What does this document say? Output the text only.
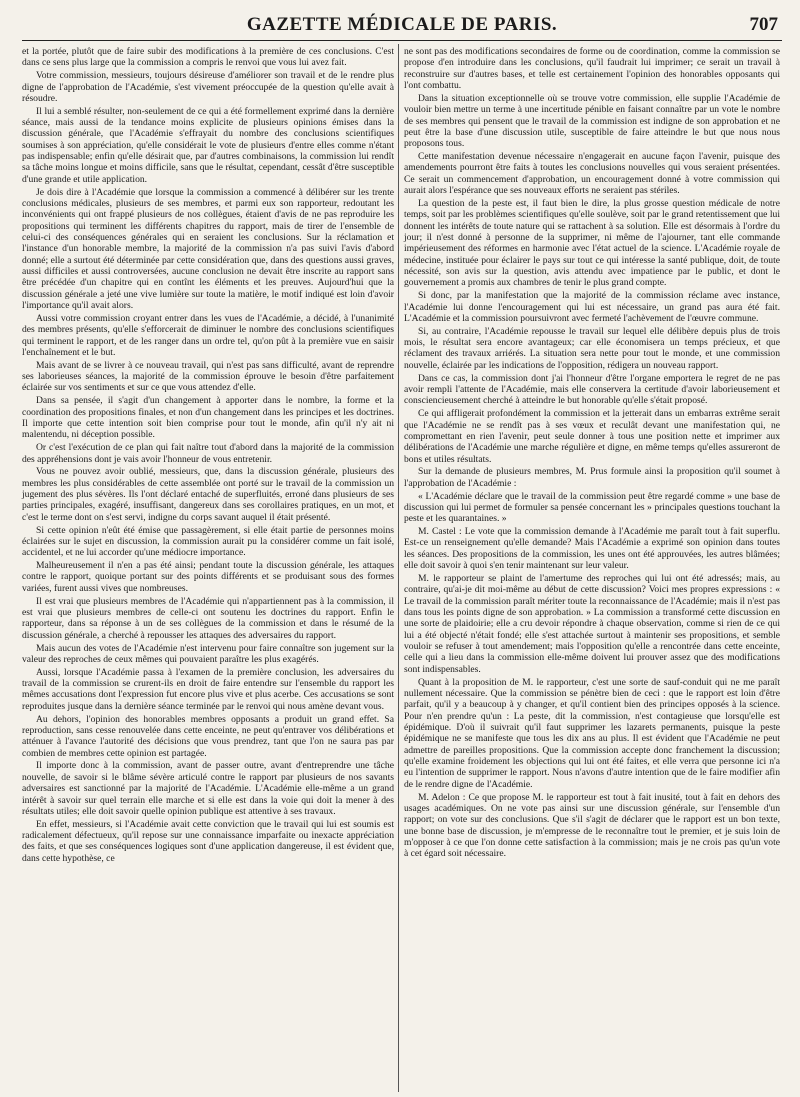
GAZETTE MÉDICALE DE PARIS.	707

et la portée, plutôt que de faire subir des modifications à la première de ces conclusions. C'est dans ce sens plus large que la commission a compris le renvoi que vous lui avez fait.

Votre commission, messieurs, toujours désireuse d'améliorer son travail et de le rendre plus digne de l'approbation de l'Académie, s'est vivement préoccupée de la question qu'elle avait à résoudre.

Il lui a semblé résulter, non-seulement de ce qui a été formellement exprimé dans la dernière séance, mais aussi de la tendance moins explicite de plusieurs opinions émises dans la discussion générale, que l'Académie s'effrayait du nombre des conclusions scientifiques soumises à son appréciation, qu'elle considérait le vote de plusieurs d'entre elles comme n'étant pas indispensable; enfin qu'elle désirait que, par d'autres combinaisons, la commission lui rendît sa tâche moins longue et moins difficile, sans que le résultat, cependant, cessât d'être susceptible d'une grande et utile application.

Je dois dire à l'Académie que lorsque la commission a commencé à délibérer sur les trente conclusions médicales, plusieurs de ses membres, et parmi eux son rapporteur, redoutant les inconvénients qui ont frappé plusieurs de nos collègues, étaient d'avis de ne pas reproduire les propositions qui terminent les différents chapitres du rapport, mais de tirer de l'ensemble de celui-ci des conséquences générales qui en seraient les conclusions. Sur la réclamation et l'instance d'un honorable membre, la majorité de la commission n'a pas suivi l'avis d'abord donné; elle a surtout été déterminée par cette considération que, dans des questions aussi graves, aussi difficiles et aussi controversées, aucune conclusion ne devait être inscrite au rapport sans être précédée d'un chapitre qui en contînt les éléments et les preuves. Aujourd'hui que la discussion générale a jeté une vive lumière sur toute la matière, le motif indiqué est loin d'avoir l'importance qu'il avait alors.

Aussi votre commission croyant entrer dans les vues de l'Académie, a décidé, à l'unanimité des membres présents, qu'elle s'efforcerait de diminuer le nombre des conclusions scientifiques qui terminent le rapport, et de les ranger dans un ordre tel, qu'on pût à la première vue en saisir l'enchaînement et le but.

Mais avant de se livrer à ce nouveau travail, qui n'est pas sans difficulté, avant de reprendre ses laborieuses séances, la majorité de la commission éprouve le besoin d'être parfaitement éclairée sur vos sentiments et sur ce que vous attendez d'elle.

Dans sa pensée, il s'agit d'un changement à apporter dans le nombre, la forme et la coordination des propositions finales, et non d'un changement dans les principes et les doctrines. Il importe que cette intention soit bien comprise pour tout le monde, afin qu'il n'y ait ni malentendu, ni déception possible.

Or c'est l'exécution de ce plan qui fait naître tout d'abord dans la majorité de la commission des appréhensions dont je vais avoir l'honneur de vous entretenir.

Vous ne pouvez avoir oublié, messieurs, que, dans la discussion générale, plusieurs des membres les plus considérables de cette assemblée ont porté sur le travail de la commission un jugement des plus sévères. Ils l'ont déclaré entaché de superfluités, erroné dans plusieurs de ses parties principales, exagéré, insuffisant, dangereux dans ses corollaires pratiques, en un mot, et c'est le terme dont on s'est servi, indigne du corps savant auquel il était présenté.

Si cette opinion n'eût été émise que passagèrement, si elle était partie de personnes moins éclairées sur le sujet en discussion, la commission aurait pu la considérer comme un fait isolé, accidentel, et ne lui accorder qu'une médiocre importance.

Malheureusement il n'en a pas été ainsi; pendant toute la discussion générale, les attaques contre le rapport, quoique portant sur des points différents et se produisant sous des formes variées, furent aussi vives que nombreuses.

Il est vrai que plusieurs membres de l'Académie qui n'appartiennent pas à la commission, il est vrai que plusieurs membres de celle-ci ont soutenu les doctrines du rapport. Enfin le rapporteur, dans sa réponse à un de ses collègues de la commission et dans le résumé de la discussion générale, a cherché à repousser les attaques des adversaires du rapport.

Mais aucun des votes de l'Académie n'est intervenu pour faire connaître son jugement sur la valeur des reproches de ceux mêmes qui pouvaient paraître les plus exagérés.

Aussi, lorsque l'Académie passa à l'examen de la première conclusion, les adversaires du travail de la commission se crurent-ils en droit de faire entendre sur l'ensemble du rapport les mêmes accusations dont l'expression fut encore plus vive et plus acerbe. Ces accusations se sont reproduites jusque dans la dernière séance terminée par le renvoi qui nous amène devant vous.

Au dehors, l'opinion des honorables membres opposants a produit un grand effet. Sa reproduction, sans cesse renouvelée dans cette enceinte, ne peut qu'entraver vos délibérations et atténuer à l'avance l'autorité des décisions que vous prendrez, tant que l'on ne saura pas par combien de membres cette opinion est partagée.

Il importe donc à la commission, avant de passer outre, avant d'entreprendre une tâche nouvelle, de savoir si le blâme sévère articulé contre le rapport par plusieurs de nos savants adversaires est sanctionné par la majorité de l'Académie. L'Académie elle-même a un grand intérêt à savoir sur quel terrain elle marche et si elle est dans la voie qui doit la mener à des résultats utiles; elle doit savoir quelle opinion publique est attentive à ses travaux.

En effet, messieurs, si l'Académie avait cette conviction que le travail qui lui est soumis est radicalement défectueux, qu'il repose sur une connaissance imparfaite ou inexacte appréciation des faits, et que ses conséquences logiques sont d'une application dangereuse, il est évident que, dans cette hypothèse, ce

ne sont pas des modifications secondaires de forme ou de coordination, comme la commission se propose d'en introduire dans les conclusions, qu'il faudrait lui imprimer; ce serait un travail à reconstruire sur d'autres bases, et telle est certainement l'opinion des honorables opposants qui l'ont combattu.

Dans la situation exceptionnelle où se trouve votre commission, elle supplie l'Académie de vouloir bien mettre un terme à une incertitude pénible en faisant connaître par un vote le nombre de ses membres qui pensent que le travail de la commission est indigne de son approbation et ne peut être la base d'une discussion utile, susceptible de faire atteindre le but que nous nous proposons tous.

Cette manifestation devenue nécessaire n'engagerait en aucune façon l'avenir, puisque des amendements pourront être faits à toutes les conclusions nouvelles qui vous seraient présentées. Ce serait un commencement d'approbation, un encouragement donné à votre commission qui aurait alors l'espérance que ses nouveaux efforts ne seraient pas stériles.

La question de la peste est, il faut bien le dire, la plus grosse question médicale de notre temps, soit par les problèmes scientifiques qu'elle soulève, soit par le grand retentissement que lui donnent les intérêts de toute nature qui se rattachent à sa solution. Elle est désormais à l'ordre du jour; il n'est donné à personne de la supprimer, ni même de l'ajourner, tant elle commande impérieusement des réformes en harmonie avec l'état actuel de la science. L'Académie royale de médecine, instituée pour éclairer le pays sur tout ce qui intéresse la santé publique, doit, de toute nécessité, son avis sur la question, avis attendu avec impatience par le public, et dont le gouvernement a promis aux chambres de tenir le plus grand compte.

Si donc, par la manifestation que la majorité de la commission réclame avec instance, l'Académie lui donne l'encouragement qui lui est nécessaire, un grand pas aura été fait. L'Académie et la commission poursuivront avec fermeté l'achèvement de l'œuvre commune.

Si, au contraire, l'Académie repousse le travail sur lequel elle délibère depuis plus de trois mois, le résultat sera encore avantageux; car elle économisera un temps précieux, et que réclament des travaux arriérés. La situation sera nette pour tout le monde, et une commission nouvelle, éclairée par les indications de l'opposition, rédigera un nouveau rapport.

Dans ce cas, la commission dont j'ai l'honneur d'être l'organe emportera le regret de ne pas avoir rempli l'attente de l'Académie, mais elle conservera la certitude d'avoir laborieusement et consciencieusement cherché à atteindre le but honorable qu'elle s'était proposé.

Ce qui affligerait profondément la commission et la jetterait dans un embarras extrême serait que l'Académie ne se rendît pas à ses vœux et reculât devant une manifestation qui, ne compromettant en rien l'avenir, peut seule donner à tous une position nette et imprimer aux délibérations de l'Académie une marche régulière et digne, en même temps qu'elles assureront de bons et utiles résultats.

Sur la demande de plusieurs membres, M. Prus formule ainsi la proposition qu'il soumet à l'approbation de l'Académie :

« L'Académie déclare que le travail de la commission peut être regardé comme » une base de discussion qui lui permet de formuler sa pensée concernant les » principales questions touchant la peste et les quarantaines. »

M. Castel : Le vote que la commission demande à l'Académie me paraît tout à fait superflu. Est-ce un renseignement qu'elle demande? Mais l'Académie a exprimé son opinion dans toutes les séances. Des propositions de la commission, les unes ont été approuvées, les autres blâmées; elle doit savoir à quoi s'en tenir maintenant sur leur valeur.

M. le rapporteur se plaint de l'amertume des reproches qui lui ont été adressés; mais, au contraire, qu'ai-je dit moi-même au début de cette discussion? Voici mes propres expressions : « Le travail de la commission paraît mériter toute la reconnaissance de l'Académie; mais il n'est pas dans tous les points digne de son approbation. » La commission a transformé cette discussion en une sorte de plaidoirie; elle a cru devoir répondre à chaque observation, comme si rien de ce qui lui a été objecté n'était fondé; elle s'est attachée surtout à maintenir ses propositions, et semble vouloir se refuser à tout amendement; mais l'opposition qu'elle a rencontrée dans cette enceinte, celle qui a lieu dans la commission elle-même doivent lui prouver assez que des modifications sont indispensables.

Quant à la proposition de M. le rapporteur, c'est une sorte de sauf-conduit qui ne me paraît nullement nécessaire. Que la commission se pénètre bien de ceci : que le rapport est loin d'être parfait, qu'il y a beaucoup à y changer, et qu'il contient bien des principes opposés à la science. Pour n'en prendre qu'un : La peste, dit la commission, n'est contagieuse que lorsqu'elle est épidémique. D'où il suivrait qu'il faut supprimer les lazarets permanents, puisque la peste épidémique ne se manifeste que tous les dix ans au plus. Il est évident que l'Académie ne peut admettre de pareilles propositions. Que la commission accepte donc franchement la discussion; qu'elle examine froidement les objections qui lui ont été faites, et elle verra que personne ici n'a eu l'intention de supprimer le rapport. Nous n'avons d'autre intention que de le faire modifier afin de le rendre digne de l'Académie.

M. Adelon : Ce que propose M. le rapporteur est tout à fait inusité, tout à fait en dehors des usages académiques. On ne vote pas ainsi sur une discussion générale, sur l'ensemble d'un rapport; on vote sur des conclusions. Que s'il s'agit de déclarer que le rapport est un bon texte, une bonne base de discussion, je m'empresse de le reconnaître tout le premier, et je suis loin de m'opposer à ce que l'on donne cette satisfaction à la commission; mais je ne crois pas qu'un vote à cet égard soit nécessaire.
